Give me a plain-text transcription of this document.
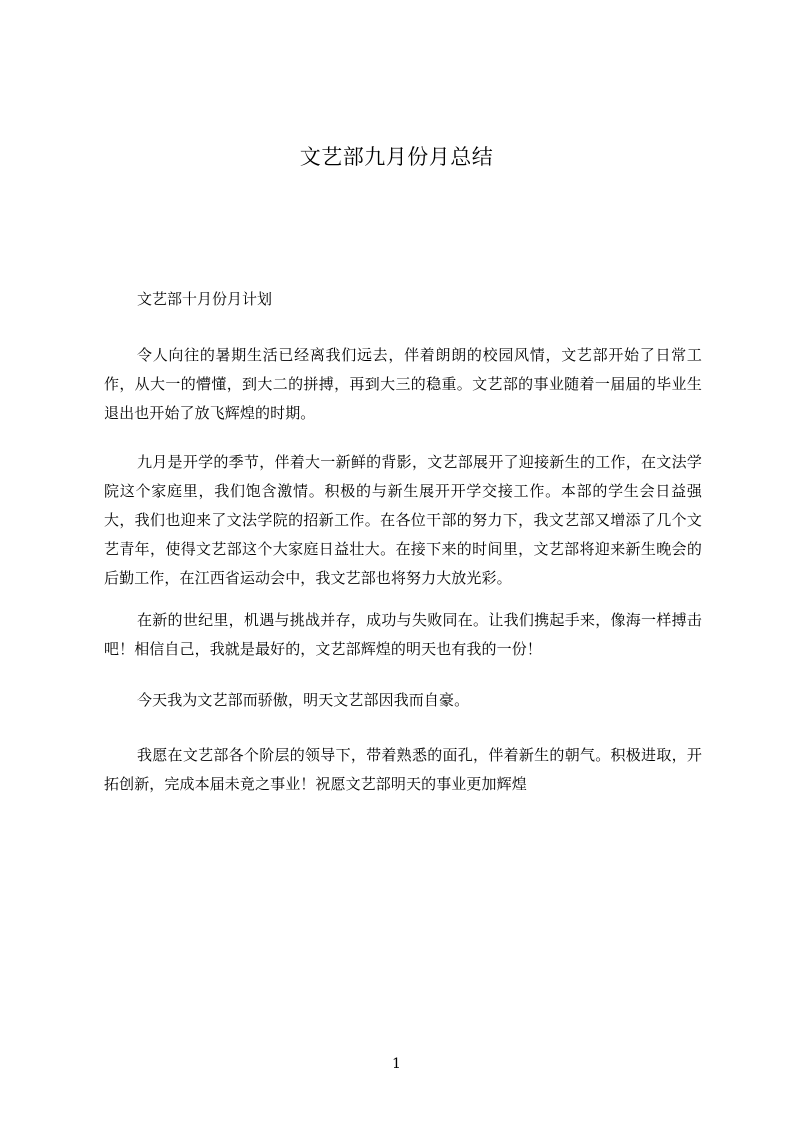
文艺部九月份月总结
文艺部十月份月计划
令人向往的暑期生活已经离我们远去，伴着朗朗的校园风情，文艺部开始了日常工作，从大一的懵懂，到大二的拼搏，再到大三的稳重。文艺部的事业随着一届届的毕业生退出也开始了放飞辉煌的时期。
九月是开学的季节，伴着大一新鲜的背影，文艺部展开了迎接新生的工作，在文法学院这个家庭里，我们饱含激情。积极的与新生展开开学交接工作。本部的学生会日益强大，我们也迎来了文法学院的招新工作。在各位干部的努力下，我文艺部又增添了几个文艺青年，使得文艺部这个大家庭日益壮大。在接下来的时间里，文艺部将迎来新生晚会的后勤工作，在江西省运动会中，我文艺部也将努力大放光彩。
在新的世纪里，机遇与挑战并存，成功与失败同在。让我们携起手来，像海一样搏击吧！相信自己，我就是最好的，文艺部辉煌的明天也有我的一份！
今天我为文艺部而骄傲，明天文艺部因我而自豪。
我愿在文艺部各个阶层的领导下，带着熟悉的面孔，伴着新生的朝气。积极进取，开拓创新，完成本届未竟之事业！祝愿文艺部明天的事业更加辉煌
1
